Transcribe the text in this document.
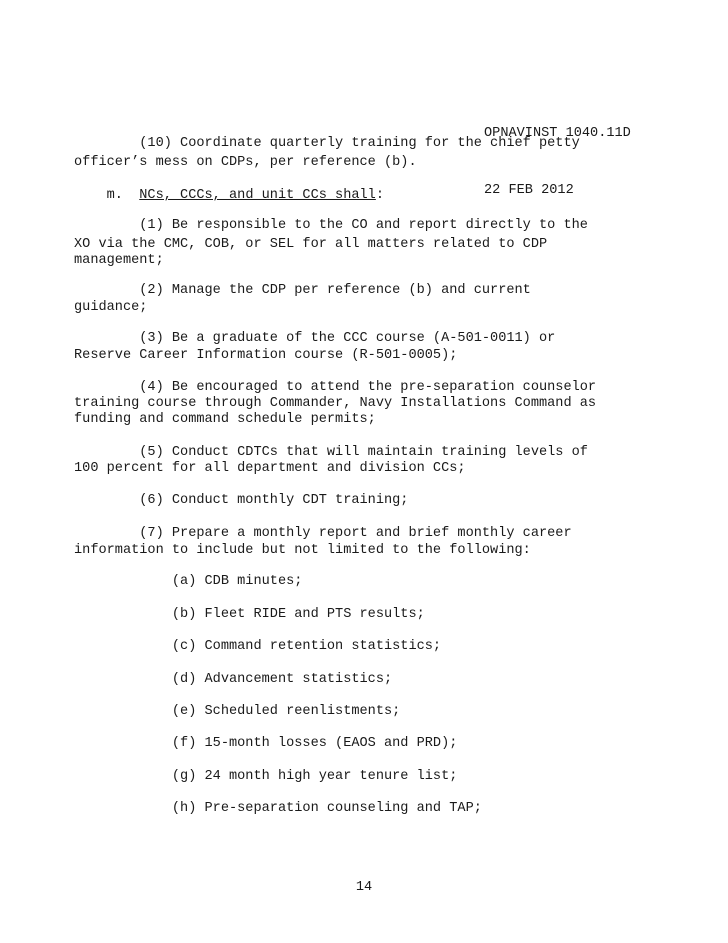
OPNAVINST 1040.11D

22 FEB 2012

(10) Coordinate quarterly training for the chief petty
officer’s mess on CDPs, per reference (b).
m.  NCs, CCCs, and unit CCs shall:
(1) Be responsible to the CO and report directly to the
XO via the CMC, COB, or SEL for all matters related to CDP
management;
(2) Manage the CDP per reference (b) and current
guidance;
(3) Be a graduate of the CCC course (A-501-0011) or
Reserve Career Information course (R-501-0005);
(4) Be encouraged to attend the pre-separation counselor
training course through Commander, Navy Installations Command as
funding and command schedule permits;
(5) Conduct CDTCs that will maintain training levels of
100 percent for all department and division CCs;
(6) Conduct monthly CDT training;
(7) Prepare a monthly report and brief monthly career
information to include but not limited to the following:
(a) CDB minutes;
(b) Fleet RIDE and PTS results;
(c) Command retention statistics;
(d) Advancement statistics;
(e) Scheduled reenlistments;
(f) 15-month losses (EAOS and PRD);
(g) 24 month high year tenure list;
(h) Pre-separation counseling and TAP;
14
